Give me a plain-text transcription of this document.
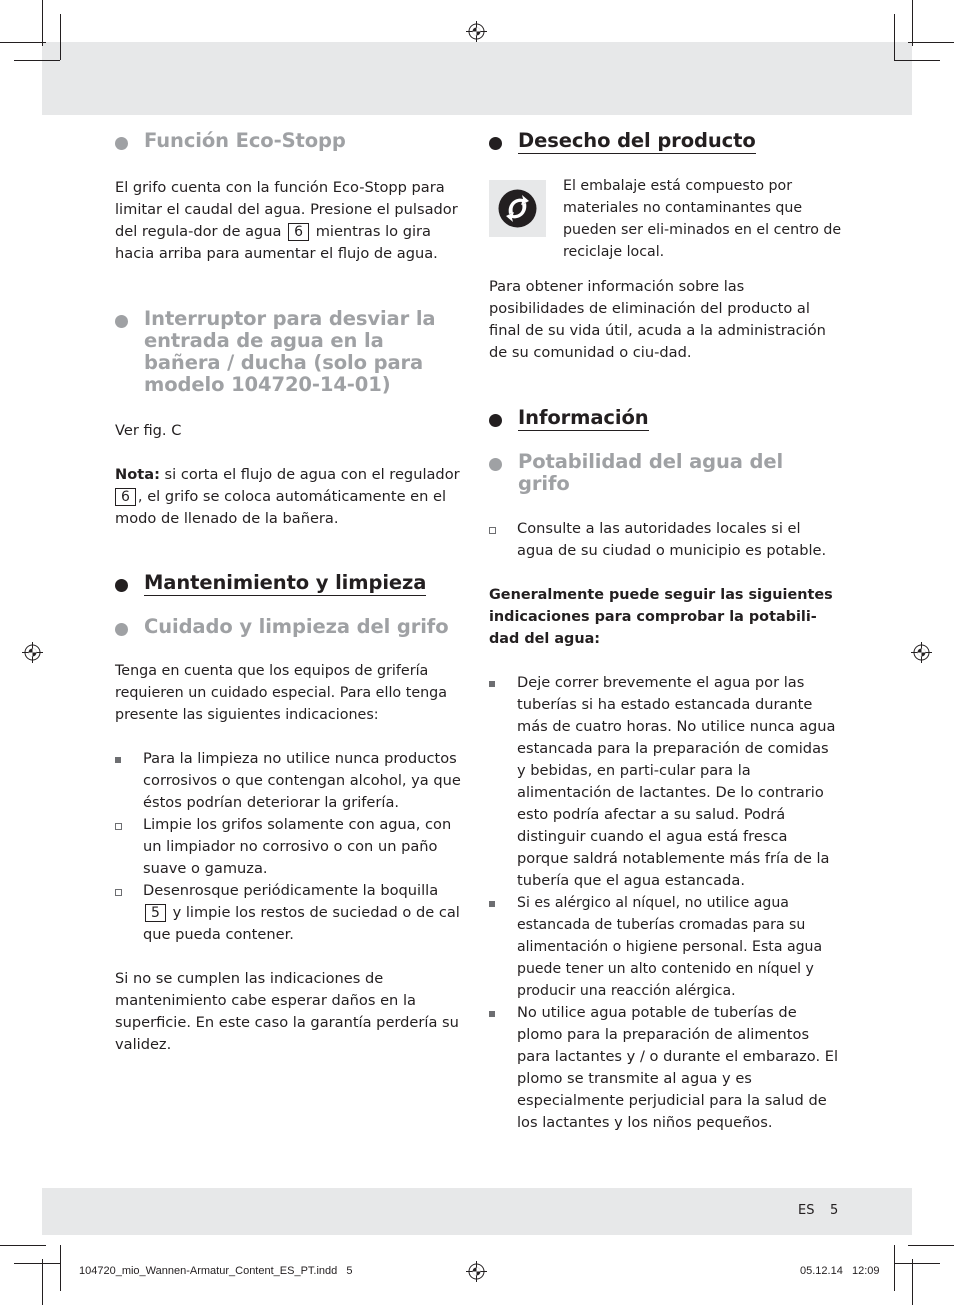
Función Eco-Stopp

El grifo cuenta con la función Eco-Stopp para limitar el caudal del agua. Presione el pulsador del regula-dor de agua 6 mientras lo gira hacia arriba para aumentar el flujo de agua.

Interruptor para desviar la
entrada de agua en la
bañera / ducha (solo para
modelo 104720-14-01)

Ver fig. C

Nota: si corta el flujo de agua con el regulador 6 , el grifo se coloca automáticamente en el modo de llenado de la bañera.

Mantenimiento y limpieza
Cuidado y limpieza del grifo

Tenga en cuenta que los equipos de grifería requieren un cuidado especial. Para ello tenga presente las siguientes indicaciones:

Para la limpieza no utilice nunca productos corrosivos o que contengan alcohol, ya que éstos podrían deteriorar la grifería.
Limpie los grifos solamente con agua, con un limpiador no corrosivo o con un paño suave o gamuza.
Desenrosque periódicamente la boquilla 5 y limpie los restos de suciedad o de cal que pueda contener.

Si no se cumplen las indicaciones de mantenimiento cabe esperar daños en la superficie. En este caso la garantía perdería su validez.

Desecho del producto

El embalaje está compuesto por materiales no contaminantes que pueden ser eli-minados en el centro de reciclaje local.

Para obtener información sobre las posibilidades de eliminación del producto al final de su vida útil, acuda a la administración de su comunidad o ciu-dad.

Información
Potabilidad del agua del grifo
Consulte a las autoridades locales si el agua de su ciudad o municipio es potable.

Generalmente puede seguir las siguientes indicaciones para comprobar la potabili-dad del agua:

Deje correr brevemente el agua por las tuberías si ha estado estancada durante más de cuatro horas. No utilice nunca agua estancada para la preparación de comidas y bebidas, en parti-cular para la alimentación de lactantes. De lo contrario esto podría afectar a su salud. Podrá distinguir cuando el agua está fresca porque saldrá notablemente más fría de la tubería que el agua estancada.
Si es alérgico al níquel, no utilice agua estancada de tuberías cromadas para su alimentación o higiene personal. Esta agua puede tener un alto contenido en níquel y producir una reacción alérgica.
No utilice agua potable de tuberías de plomo para la preparación de alimentos para lactantes y / o durante el embarazo. El plomo se transmite al agua y es especialmente perjudicial para la salud de los lactantes y los niños pequeños.
ES 5
104720_mio_Wannen-Armatur_Content_ES_PT.indd   5	05.12.14   12:09
